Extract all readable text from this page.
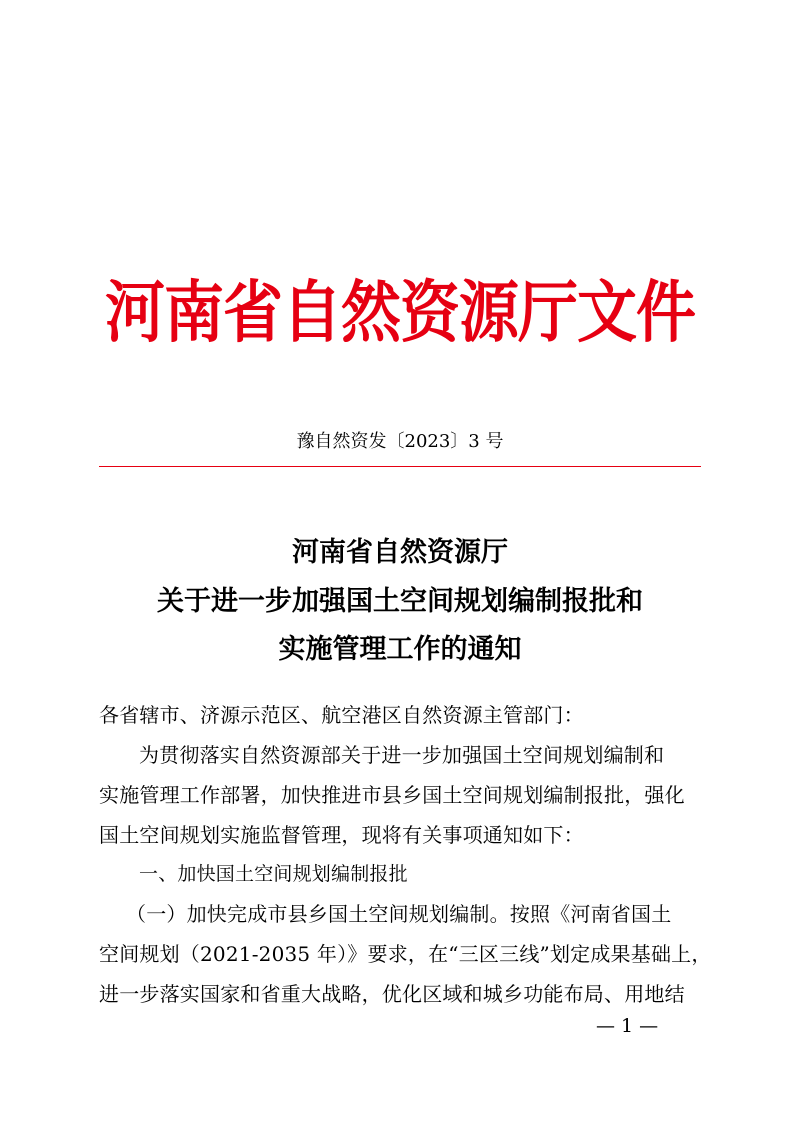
河南省自然资源厅文件
豫自然资发〔2023〕3 号
河南省自然资源厅
关于进一步加强国土空间规划编制报批和
实施管理工作的通知
各省辖市、济源示范区、航空港区自然资源主管部门：
为贯彻落实自然资源部关于进一步加强国土空间规划编制和
实施管理工作部署，加快推进市县乡国土空间规划编制报批，强化
国土空间规划实施监督管理，现将有关事项通知如下：
一、加快国土空间规划编制报批
（一）加快完成市县乡国土空间规划编制。按照《河南省国土
空间规划（2021-2035 年）》要求，在“三区三线”划定成果基础上，
进一步落实国家和省重大战略，优化区域和城乡功能布局、用地结
— 1 —
